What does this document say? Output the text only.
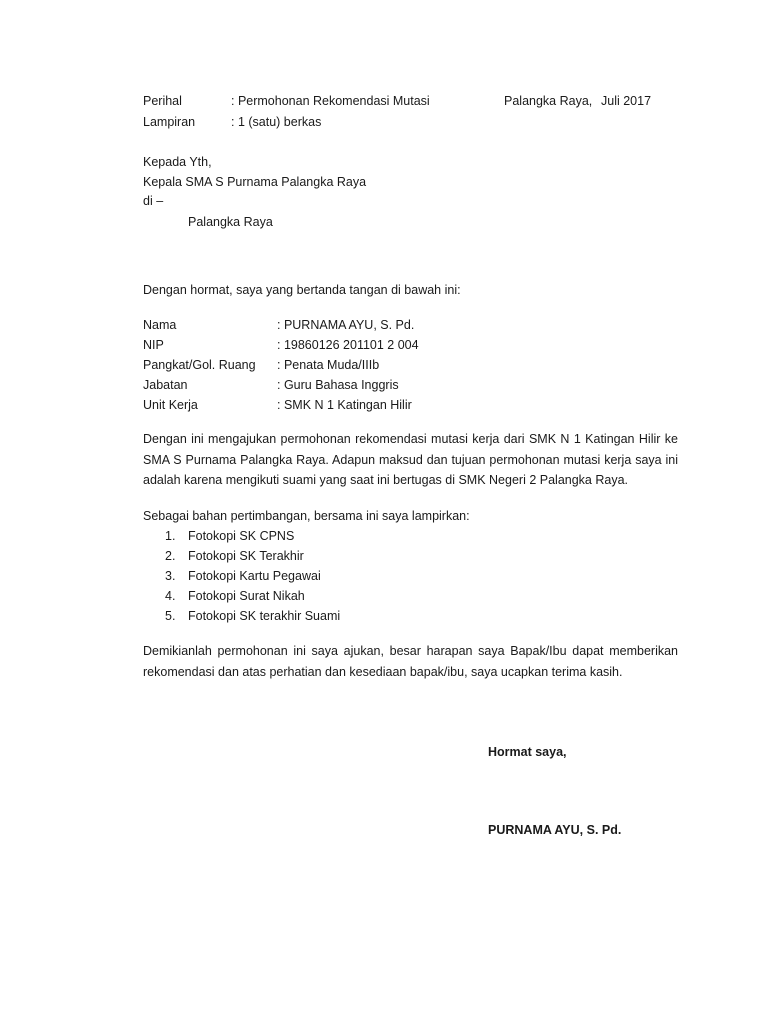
Perihal	: Permohonan Rekomendasi Mutasi	Palangka Raya, Juli 2017
Lampiran	: 1 (satu) berkas
Kepada Yth,
Kepala SMA S Purnama Palangka Raya
di –
Palangka Raya
Dengan hormat, saya yang bertanda tangan di bawah ini:
Nama	: PURNAMA AYU, S. Pd.
NIP	: 19860126 201101 2 004
Pangkat/Gol. Ruang : Penata Muda/IIIb
Jabatan	: Guru Bahasa Inggris
Unit Kerja	: SMK N 1 Katingan Hilir
Dengan ini mengajukan permohonan rekomendasi mutasi kerja dari SMK N 1 Katingan Hilir ke SMA S Purnama Palangka Raya. Adapun maksud dan tujuan permohonan mutasi kerja saya ini adalah karena mengikuti suami yang saat ini bertugas di SMK Negeri 2 Palangka Raya.
Sebagai bahan pertimbangan, bersama ini saya lampirkan:
1. Fotokopi SK CPNS
2. Fotokopi SK Terakhir
3. Fotokopi Kartu Pegawai
4. Fotokopi Surat Nikah
5. Fotokopi SK terakhir Suami
Demikianlah permohonan ini saya ajukan, besar harapan saya Bapak/Ibu dapat memberikan rekomendasi dan atas perhatian dan kesediaan bapak/ibu, saya ucapkan terima kasih.
Hormat saya,
PURNAMA AYU, S. Pd.
